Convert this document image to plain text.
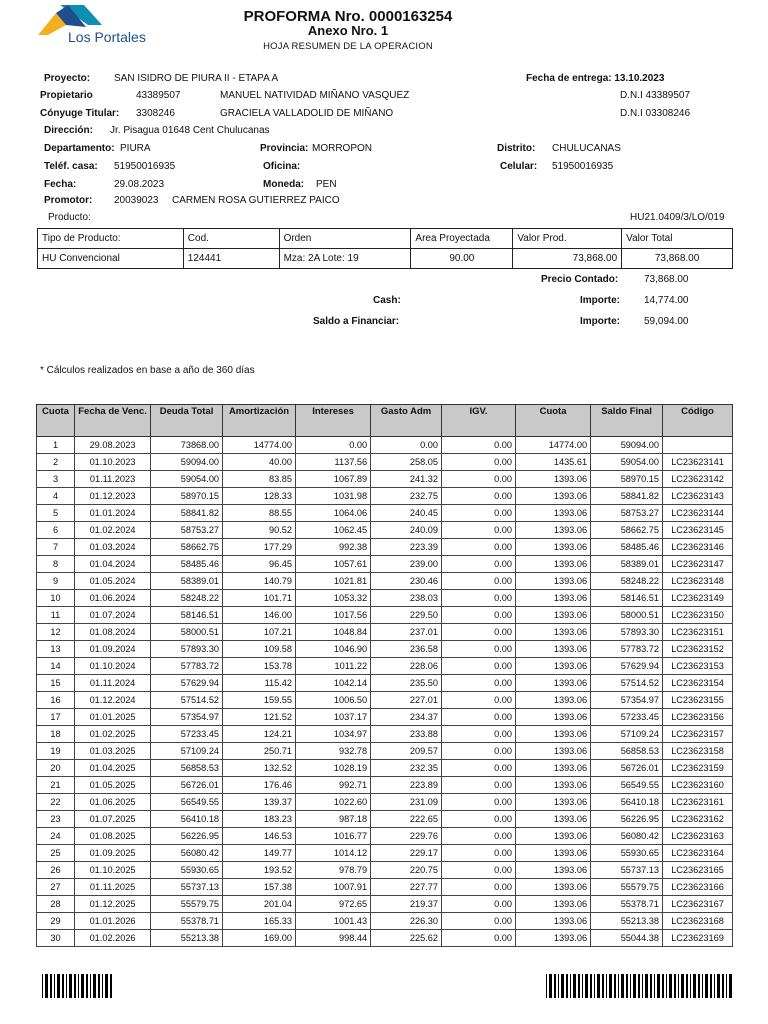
Los Portales
PROFORMA Nro. 0000163254
Anexo Nro. 1
HOJA RESUMEN DE LA OPERACION
Proyecto: SAN ISIDRO DE PIURA II - ETAPA A	Fecha de entrega: 13.10.2023
Propietario	43389507	MANUEL NATIVIDAD MIÑANO VASQUEZ	D.N.I 43389507
Cónyuge Titular: 3308246	GRACIELA VALLADOLID DE MIÑANO	D.N.I 03308246
Dirección: Jr. Pisagua 01648 Cent Chulucanas
Departamento: PIURA	Provincia: MORROPON	Distrito: CHULUCANAS
Teléf. casa: 51950016935	Oficina:	Celular: 51950016935
Fecha:	29.08.2023	Moneda: PEN
Promotor: 20039023 CARMEN ROSA GUTIERREZ PAICO
Producto:	HU21.0409/3/LO/019
Tipo de Producto:	Cod.	Orden	Area Proyectada	Valor Prod.	Valor Total
HU Convencional	124441	Mza: 2A Lote: 19	90.00	73,868.00	73,868.00
Precio Contado:	73,868.00
Cash:	Importe: 14,774.00
Saldo a Financiar:	Importe: 59,094.00
* Cálculos realizados en base a año de 360 días
Cuota	Fecha de Venc.	Deuda Total	Amortización	Intereses	Gasto Adm	IGV.	Cuota	Saldo Final	Código
1	29.08.2023	73868.00	14774.00	0.00	0.00	0.00	14774.00	59094.00	
2	01.10.2023	59094.00	40.00	1137.56	258.05	0.00	1435.61	59054.00	LC23623141
3	01.11.2023	59054.00	83.85	1067.89	241.32	0.00	1393.06	58970.15	LC23623142
4	01.12.2023	58970.15	128.33	1031.98	232.75	0.00	1393.06	58841.82	LC23623143
5	01.01.2024	58841.82	88.55	1064.06	240.45	0.00	1393.06	58753.27	LC23623144
6	01.02.2024	58753.27	90.52	1062.45	240.09	0.00	1393.06	58662.75	LC23623145
7	01.03.2024	58662.75	177.29	992.38	223.39	0.00	1393.06	58485.46	LC23623146
8	01.04.2024	58485.46	96.45	1057.61	239.00	0.00	1393.06	58389.01	LC23623147
9	01.05.2024	58389.01	140.79	1021.81	230.46	0.00	1393.06	58248.22	LC23623148
10	01.06.2024	58248.22	101.71	1053.32	238.03	0.00	1393.06	58146.51	LC23623149
11	01.07.2024	58146.51	146.00	1017.56	229.50	0.00	1393.06	58000.51	LC23623150
12	01.08.2024	58000.51	107.21	1048.84	237.01	0.00	1393.06	57893.30	LC23623151
13	01.09.2024	57893.30	109.58	1046.90	236.58	0.00	1393.06	57783.72	LC23623152
14	01.10.2024	57783.72	153.78	1011.22	228.06	0.00	1393.06	57629.94	LC23623153
15	01.11.2024	57629.94	115.42	1042.14	235.50	0.00	1393.06	57514.52	LC23623154
16	01.12.2024	57514.52	159.55	1006.50	227.01	0.00	1393.06	57354.97	LC23623155
17	01.01.2025	57354.97	121.52	1037.17	234.37	0.00	1393.06	57233.45	LC23623156
18	01.02.2025	57233.45	124.21	1034.97	233.88	0.00	1393.06	57109.24	LC23623157
19	01.03.2025	57109.24	250.71	932.78	209.57	0.00	1393.06	56858.53	LC23623158
20	01.04.2025	56858.53	132.52	1028.19	232.35	0.00	1393.06	56726.01	LC23623159
21	01.05.2025	56726.01	176.46	992.71	223.89	0.00	1393.06	56549.55	LC23623160
22	01.06.2025	56549.55	139.37	1022.60	231.09	0.00	1393.06	56410.18	LC23623161
23	01.07.2025	56410.18	183.23	987.18	222.65	0.00	1393.06	56226.95	LC23623162
24	01.08.2025	56226.95	146.53	1016.77	229.76	0.00	1393.06	56080.42	LC23623163
25	01.09.2025	56080.42	149.77	1014.12	229.17	0.00	1393.06	55930.65	LC23623164
26	01.10.2025	55930.65	193.52	978.79	220.75	0.00	1393.06	55737.13	LC23623165
27	01.11.2025	55737.13	157.38	1007.91	227.77	0.00	1393.06	55579.75	LC23623166
28	01.12.2025	55579.75	201.04	972.65	219.37	0.00	1393.06	55378.71	LC23623167
29	01.01.2026	55378.71	165.33	1001.43	226.30	0.00	1393.06	55213.38	LC23623168
30	01.02.2026	55213.38	169.00	998.44	225.62	0.00	1393.06	55044.38	LC23623169
